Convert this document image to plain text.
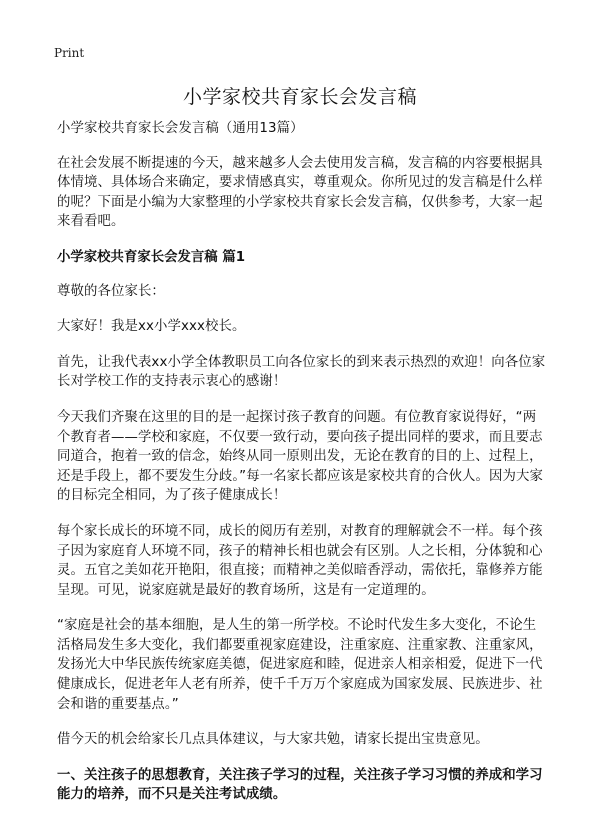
Print
小学家校共育家长会发言稿

小学家校共育家长会发言稿（通用13篇）

在社会发展不断提速的今天，越来越多人会去使用发言稿，发言稿的内容要根据具体情境、具体场合来确定，要求情感真实，尊重观众。你所见过的发言稿是什么样的呢？下面是小编为大家整理的小学家校共育家长会发言稿，仅供参考，大家一起来看看吧。

小学家校共育家长会发言稿 篇1

尊敬的各位家长：

大家好！我是xx小学xxx校长。

首先，让我代表xx小学全体教职员工向各位家长的到来表示热烈的欢迎！向各位家长对学校工作的支持表示衷心的感谢！

今天我们齐聚在这里的目的是一起探讨孩子教育的问题。有位教育家说得好，“两个教育者——学校和家庭，不仅要一致行动，要向孩子提出同样的要求，而且要志同道合，抱着一致的信念，始终从同一原则出发，无论在教育的目的上、过程上，还是手段上，都不要发生分歧。”每一名家长都应该是家校共育的合伙人。因为大家的目标完全相同，为了孩子健康成长！

每个家长成长的环境不同，成长的阅历有差别，对教育的理解就会不一样。每个孩子因为家庭育人环境不同，孩子的精神长相也就会有区别。人之长相，分体貌和心灵。五官之美如花开艳阳，很直接；而精神之美似暗香浮动，需依托，靠修养方能呈现。可见，说家庭就是最好的教育场所，这是有一定道理的。

“家庭是社会的基本细胞，是人生的第一所学校。不论时代发生多大变化，不论生活格局发生多大变化，我们都要重视家庭建设，注重家庭、注重家教、注重家风，发扬光大中华民族传统家庭美德，促进家庭和睦，促进亲人相亲相爱，促进下一代健康成长，促进老年人老有所养，使千千万万个家庭成为国家发展、民族进步、社会和谐的重要基点。”

借今天的机会给家长几点具体建议，与大家共勉，请家长提出宝贵意见。

一、关注孩子的思想教育，关注孩子学习的过程，关注孩子学习习惯的养成和学习能力的培养，而不只是关注考试成绩。
